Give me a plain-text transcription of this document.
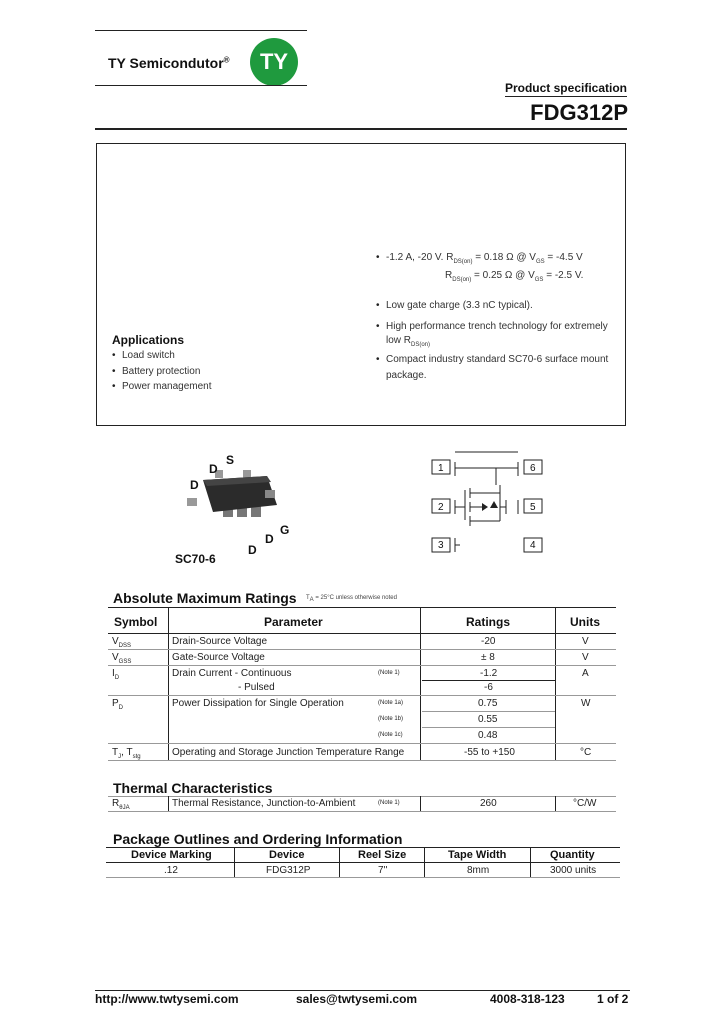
TY Semicondutor®	TY
Product specification
FDG312P
• -1.2 A, -20 V. $R_{DS(on)} = 0.18$ Ω @ $V_{GS} = -4.5$ V
$R_{DS(on)} = 0.25$ Ω @ $V_{GS} = -2.5$ V.
• Low gate charge (3.3 nC typical).
• High performance trench technology for extremely
low $R_{DS(on)}$
• Compact industry standard SC70-6 surface mount
package.
Applications
• Load switch
• Battery protection
• Power management
D
D
S
G
D
D
SC70-6
1
2
3
6
5
4
Absolute Maximum Ratings $T_A = 25^\circ C$ unless otherwise noted
Symbol	Parameter	Ratings	Units
$V_{DSS}$	Drain-Source Voltage	-20	V
$V_{GSS}$	Gate-Source Voltage	± 8	V
$I_D$	Drain Current - Continuous	(Note 1)	-1.2	A
- Pulsed	-6
$P_D$	Power Dissipation for Single Operation	(Note 1a)	0.75	W
(Note 1b)	0.55
(Note 1c)	0.48
$T_J$, $T_{stg}$	Operating and Storage Junction Temperature Range	-55 to +150	°C
Thermal Characteristics
$R_{\theta JA}$	Thermal Resistance, Junction-to-Ambient	(Note 1)	260	°C/W
Package Outlines and Ordering Information
Device Marking	Device	Reel Size	Tape Width	Quantity
.12	FDG312P	7''	8mm	3000 units
http://www.twtysemi.com	sales@twtysemi.com	4008-318-123	1 of 2
